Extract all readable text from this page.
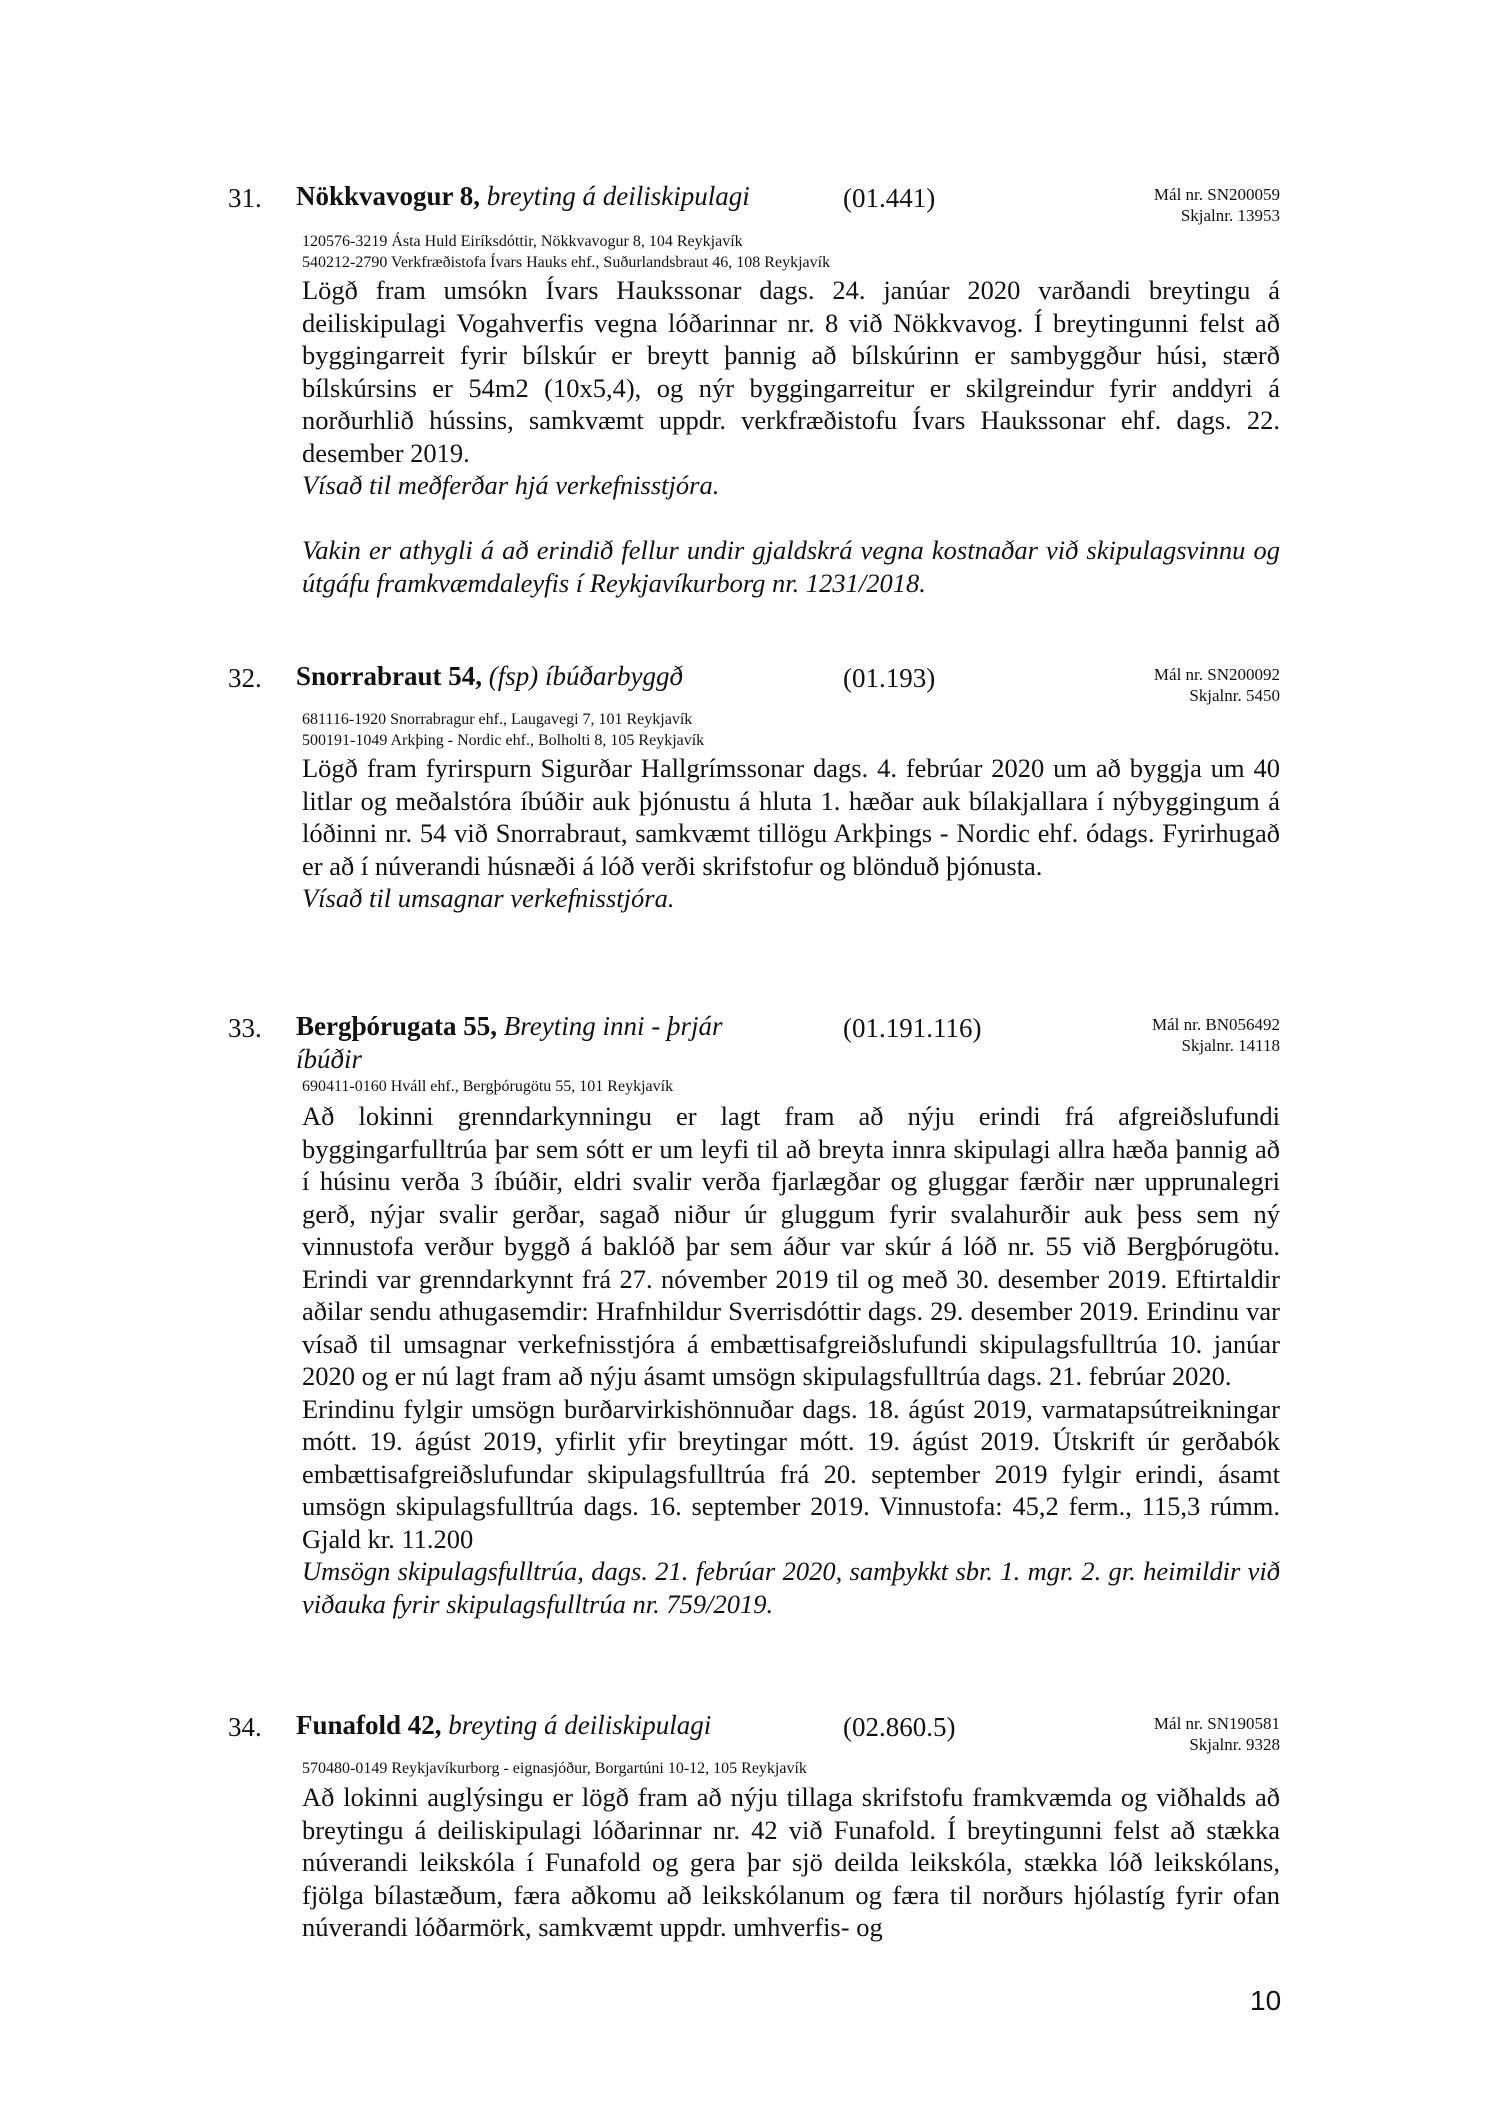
31. Nökkvavogur 8, breyting á deiliskipulagi	(01.441)	Mál nr. SN200059
Skjalnr. 13953
120576-3219 Ásta Huld Eiríksdóttir, Nökkvavogur 8, 104 Reykjavík
540212-2790 Verkfræðistofa Ívars Hauks ehf., Suðurlandsbraut 46, 108 Reykjavík

Lögð fram umsókn Ívars Haukssonar dags. 24. janúar 2020 varðandi breytingu á deiliskipulagi Vogahverfis vegna lóðarinnar nr. 8 við Nökkvavog. Í breytingunni felst að byggingarreit fyrir bílskúr er breytt þannig að bílskúrinn er sambyggður húsi, stærð bílskúrsins er 54m2 (10x5,4), og nýr byggingarreitur er skilgreindur fyrir anddyri á norðurhlið hússins, samkvæmt uppdr. verkfræðistofu Ívars Haukssonar ehf. dags. 22. desember 2019.

Vísað til meðferðar hjá verkefnisstjóra.

Vakin er athygli á að erindið fellur undir gjaldskrá vegna kostnaðar við skipulagsvinnu og útgáfu framkvæmdaleyfis í Reykjavíkurborg nr. 1231/2018.

32. Snorrabraut 54, (fsp) íbúðarbyggð	(01.193)	Mál nr. SN200092
Skjalnr. 5450
681116-1920 Snorrabragur ehf., Laugavegi 7, 101 Reykjavík
500191-1049 Arkþing - Nordic ehf., Bolholti 8, 105 Reykjavík

Lögð fram fyrirspurn Sigurðar Hallgrímssonar dags. 4. febrúar 2020 um að byggja um 40 litlar og meðalstóra íbúðir auk þjónustu á hluta 1. hæðar auk bílakjallara í nýbyggingum á lóðinni nr. 54 við Snorrabraut, samkvæmt tillögu Arkþings - Nordic ehf. ódags. Fyrirhugað er að í núverandi húsnæði á lóð verði skrifstofur og blönduð þjónusta.

Vísað til umsagnar verkefnisstjóra.

33. Bergþórugata 55, Breyting inni - þrjár íbúðir
(01.191.116)	Mál nr. BN056492
Skjalnr. 14118
690411-0160 Hváll ehf., Bergþórugötu 55, 101 Reykjavík

Að lokinni grenndarkynningu er lagt fram að nýju erindi frá afgreiðslufundi byggingarfulltrúa þar sem sótt er um leyfi til að breyta innra skipulagi allra hæða þannig að í húsinu verða 3 íbúðir, eldri svalir verða fjarlægðar og gluggar færðir nær upprunalegri gerð, nýjar svalir gerðar, sagað niður úr gluggum fyrir svalahurðir auk þess sem ný vinnustofa verður byggð á baklóð þar sem áður var skúr á lóð nr. 55 við Bergþórugötu. Erindi var grenndarkynnt frá 27. nóvember 2019 til og með 30. desember 2019. Eftirtaldir aðilar sendu athugasemdir: Hrafnhildur Sverrisdóttir dags. 29. desember 2019. Erindinu var vísað til umsagnar verkefnisstjóra á embættisafgreiðslufundi skipulagsfulltrúa 10. janúar 2020 og er nú lagt fram að nýju ásamt umsögn skipulagsfulltrúa dags. 21. febrúar 2020.

Erindinu fylgir umsögn burðarvirkishönnuðar dags. 18. ágúst 2019, varmatapsútreikningar mótt. 19. ágúst 2019, yfirlit yfir breytingar mótt. 19. ágúst 2019. Útskrift úr gerðabók embættisafgreiðslufundar skipulagsfulltrúa frá 20. september 2019 fylgir erindi, ásamt umsögn skipulagsfulltrúa dags. 16. september 2019. Vinnustofa: 45,2 ferm., 115,3 rúmm. Gjald kr. 11.200

Umsögn skipulagsfulltrúa, dags. 21. febrúar 2020, samþykkt sbr. 1. mgr. 2. gr. heimildir við viðauka fyrir skipulagsfulltrúa nr. 759/2019.

34. Funafold 42, breyting á deiliskipulagi	(02.860.5)	Mál nr. SN190581
Skjalnr. 9328
570480-0149 Reykjavíkurborg - eignasjóður, Borgartúni 10-12, 105 Reykjavík

Að lokinni auglýsingu er lögð fram að nýju tillaga skrifstofu framkvæmda og viðhalds að breytingu á deiliskipulagi lóðarinnar nr. 42 við Funafold. Í breytingunni felst að stækka núverandi leikskóla í Funafold og gera þar sjö deilda leikskóla, stækka lóð leikskólans, fjölga bílastæðum, færa aðkomu að leikskólanum og færa til norðurs hjólastíg fyrir ofan núverandi lóðarmörk, samkvæmt uppdr. umhverfis- og

10
